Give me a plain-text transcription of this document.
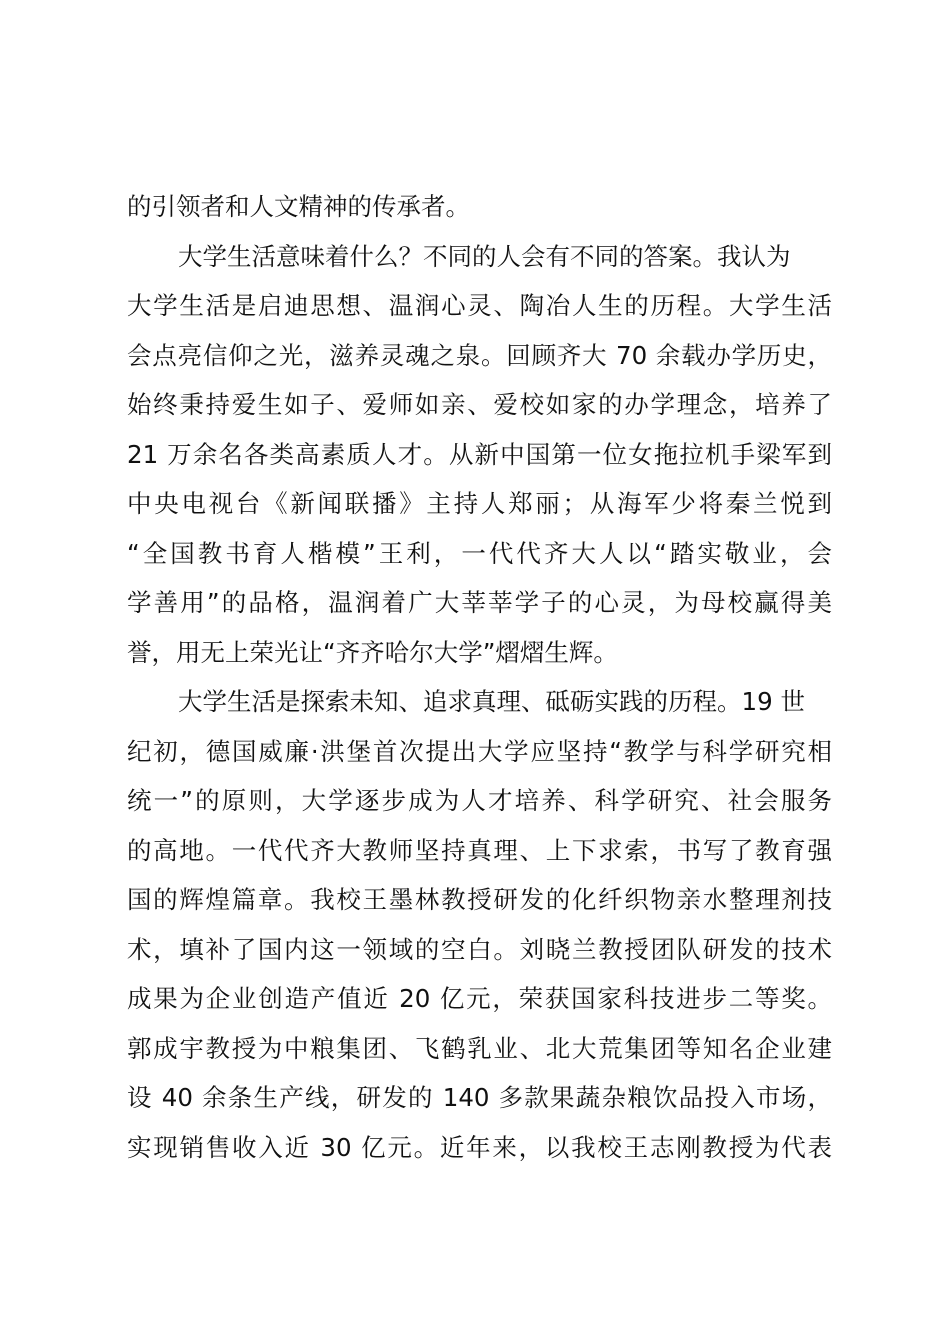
的引领者和人文精神的传承者。
大学生活意味着什么？不同的人会有不同的答案。我认为
大学生活是启迪思想、温润心灵、陶冶人生的历程。大学生活
会点亮信仰之光，滋养灵魂之泉。回顾齐大 70 余载办学历史，
始终秉持爱生如子、爱师如亲、爱校如家的办学理念，培养了
21 万余名各类高素质人才。从新中国第一位女拖拉机手梁军到
中央电视台《新闻联播》主持人郑丽；从海军少将秦兰悦到
“全国教书育人楷模”王利，一代代齐大人以“踏实敬业，会
学善用”的品格，温润着广大莘莘学子的心灵，为母校赢得美
誉，用无上荣光让“齐齐哈尔大学”熠熠生辉。
大学生活是探索未知、追求真理、砥砺实践的历程。19 世
纪初，德国威廉·洪堡首次提出大学应坚持“教学与科学研究相
统一”的原则，大学逐步成为人才培养、科学研究、社会服务
的高地。一代代齐大教师坚持真理、上下求索，书写了教育强
国的辉煌篇章。我校王墨林教授研发的化纤织物亲水整理剂技
术，填补了国内这一领域的空白。刘晓兰教授团队研发的技术
成果为企业创造产值近 20 亿元，荣获国家科技进步二等奖。
郭成宇教授为中粮集团、飞鹤乳业、北大荒集团等知名企业建
设 40 余条生产线，研发的 140 多款果蔬杂粮饮品投入市场，
实现销售收入近 30 亿元。近年来，以我校王志刚教授为代表
